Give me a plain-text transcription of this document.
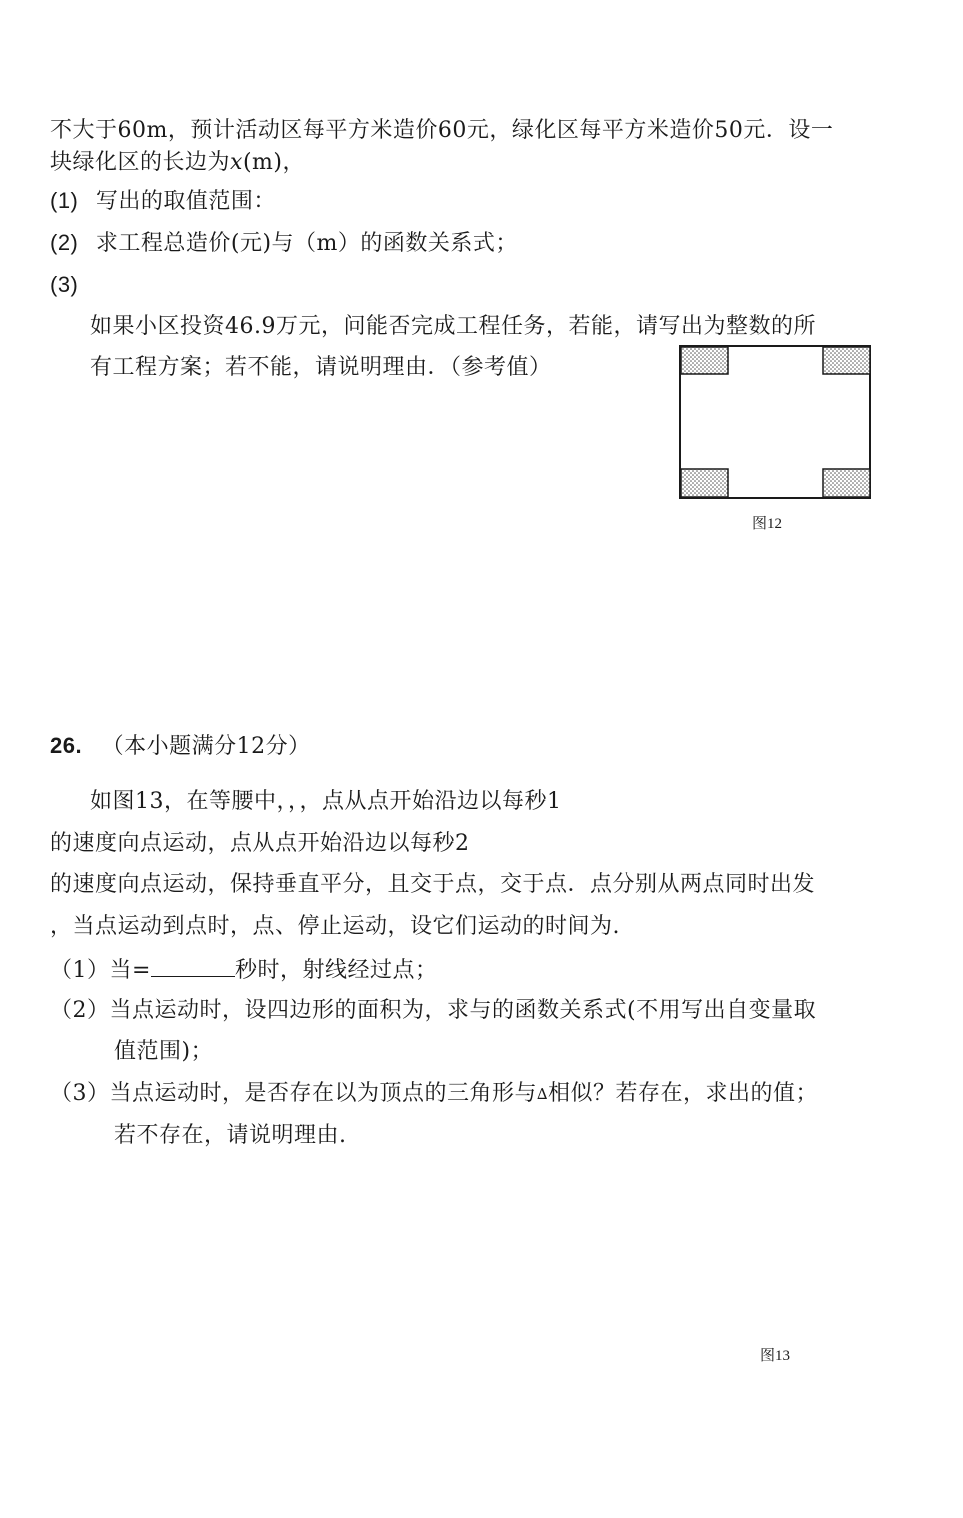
不大于60m，预计活动区每平方米造价60元，绿化区每平方米造价50元．设一
块绿化区的长边为x(m)，
(1) 写出的取值范围：
(2) 求工程总造价(元)与（m）的函数关系式；
(3)
如果小区投资46.9万元，问能否完成工程任务，若能，请写出为整数的所
有工程方案；若不能，请说明理由．（参考值）
图12
26. （本小题满分12分）
如图13，在等腰中，，，点从点开始沿边以每秒1
的速度向点运动，点从点开始沿边以每秒2
的速度向点运动，保持垂直平分，且交于点，交于点．点分别从两点同时出发
，当点运动到点时，点、停止运动，设它们运动的时间为.
（1）当=	秒时，射线经过点；
（2）当点运动时，设四边形的面积为，求与的函数关系式(不用写出自变量取
值范围)；
（3）当点运动时，是否存在以为顶点的三角形与∆相似？若存在，求出的值；
若不存在，请说明理由.
图13
